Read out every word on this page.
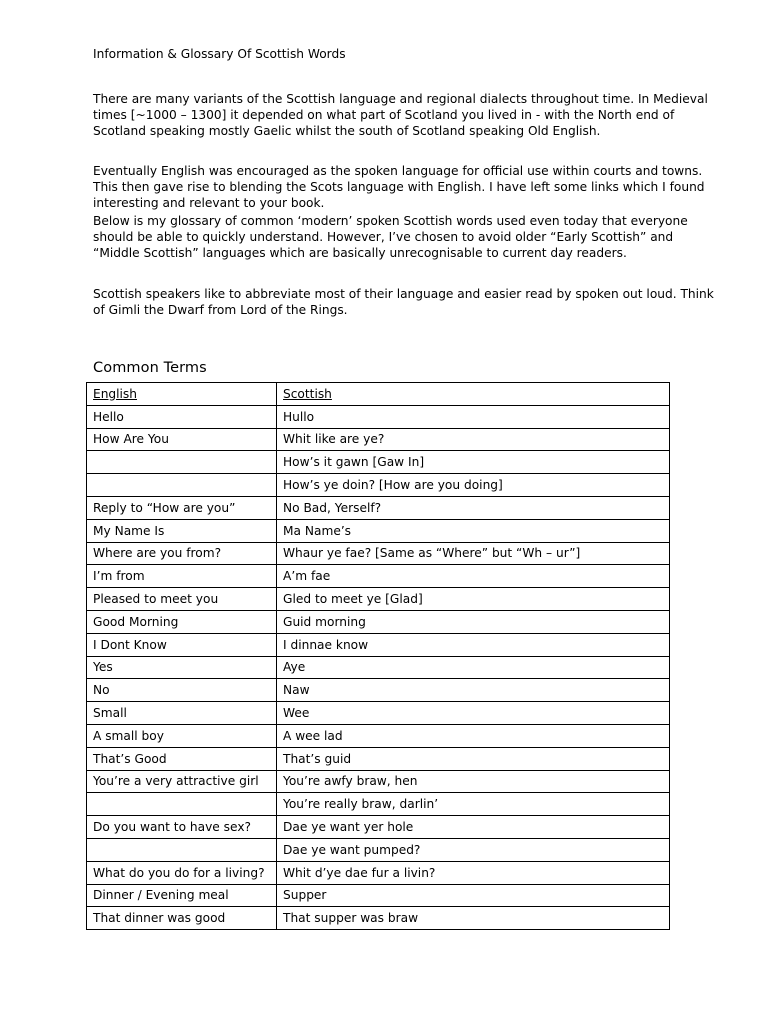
Information & Glossary Of Scottish Words

There are many variants of the Scottish language and regional dialects throughout time. In Medieval
times [~1000 – 1300] it depended on what part of Scotland you lived in - with the North end of
Scotland speaking mostly Gaelic whilst the south of Scotland speaking Old English.

Eventually English was encouraged as the spoken language for official use within courts and towns.
This then gave rise to blending the Scots language with English. I have left some links which I found
interesting and relevant to your book.

Below is my glossary of common ‘modern’ spoken Scottish words used even today that everyone
should be able to quickly understand. However, I’ve chosen to avoid older “Early Scottish” and
“Middle Scottish” languages which are basically unrecognisable to current day readers.

Scottish speakers like to abbreviate most of their language and easier read by spoken out loud. Think
of Gimli the Dwarf from Lord of the Rings.

Common Terms
English	Scottish
Hello	Hullo
How Are You	Whit like are ye?
	How’s it gawn [Gaw In]
	How’s ye doin? [How are you doing]
Reply to “How are you”	No Bad, Yerself?
My Name Is	Ma Name’s
Where are you from?	Whaur ye fae? [Same as “Where” but “Wh – ur”]
I’m from	A’m fae
Pleased to meet you	Gled to meet ye [Glad]
Good Morning	Guid morning
I Dont Know	I dinnae know
Yes	Aye
No	Naw
Small	Wee
A small boy	A wee lad
That’s Good	That’s guid
You’re a very attractive girl	You’re awfy braw, hen
	You’re really braw, darlin’
Do you want to have sex?	Dae ye want yer hole
	Dae ye want pumped?
What do you do for a living?	Whit d’ye dae fur a livin?
Dinner / Evening meal	Supper
That dinner was good	That supper was braw
